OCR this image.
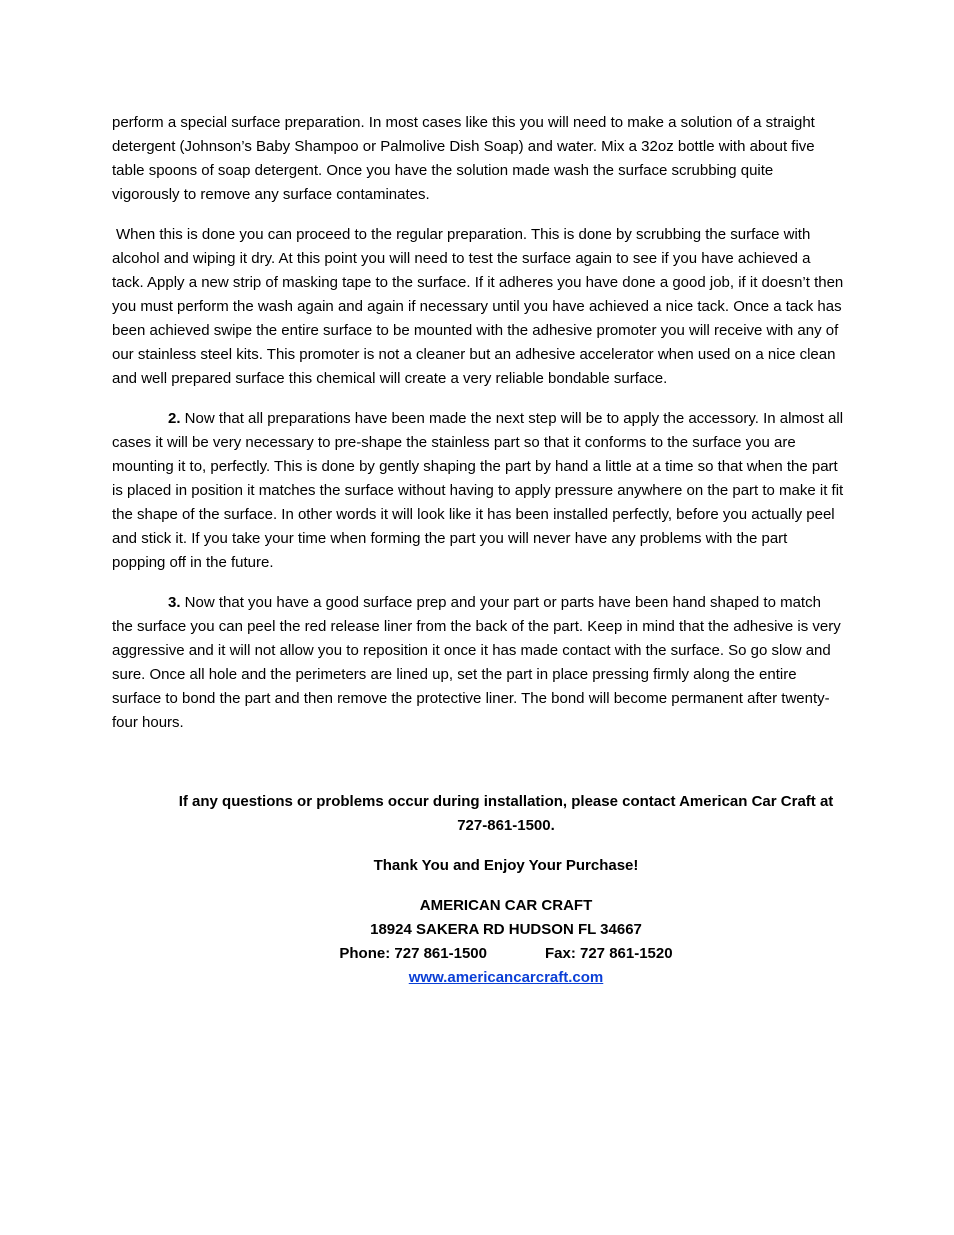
perform a special surface preparation. In most cases like this you will need to make a solution of a straight detergent (Johnson’s Baby Shampoo or Palmolive Dish Soap) and water. Mix a 32oz bottle with about five table spoons of soap detergent. Once you have the solution made wash the surface scrubbing quite vigorously to remove any surface contaminates.

When this is done you can proceed to the regular preparation. This is done by scrubbing the surface with alcohol and wiping it dry. At this point you will need to test the surface again to see if you have achieved a tack. Apply a new strip of masking tape to the surface. If it adheres you have done a good job, if it doesn’t then you must perform the wash again and again if necessary until you have achieved a nice tack. Once a tack has been achieved swipe the entire surface to be mounted with the adhesive promoter you will receive with any of our stainless steel kits. This promoter is not a cleaner but an adhesive accelerator when used on a nice clean and well prepared surface this chemical will create a very reliable bondable surface.

2. Now that all preparations have been made the next step will be to apply the accessory. In almost all cases it will be very necessary to pre-shape the stainless part so that it conforms to the surface you are mounting it to, perfectly. This is done by gently shaping the part by hand a little at a time so that when the part is placed in position it matches the surface without having to apply pressure anywhere on the part to make it fit the shape of the surface. In other words it will look like it has been installed perfectly, before you actually peel and stick it. If you take your time when forming the part you will never have any problems with the part popping off in the future.

3. Now that you have a good surface prep and your part or parts have been hand shaped to match the surface you can peel the red release liner from the back of the part. Keep in mind that the adhesive is very aggressive and it will not allow you to reposition it once it has made contact with the surface. So go slow and sure. Once all hole and the perimeters are lined up, set the part in place pressing firmly along the entire surface to bond the part and then remove the protective liner. The bond will become permanent after twenty-four hours.

If any questions or problems occur during installation, please contact American Car Craft at

727-861-1500.

Thank You and Enjoy Your Purchase!

AMERICAN CAR CRAFT

18924 SAKERA RD HUDSON FL 34667

Phone: 727 861-1500	Fax: 727 861-1520

www.americancarcraft.com
